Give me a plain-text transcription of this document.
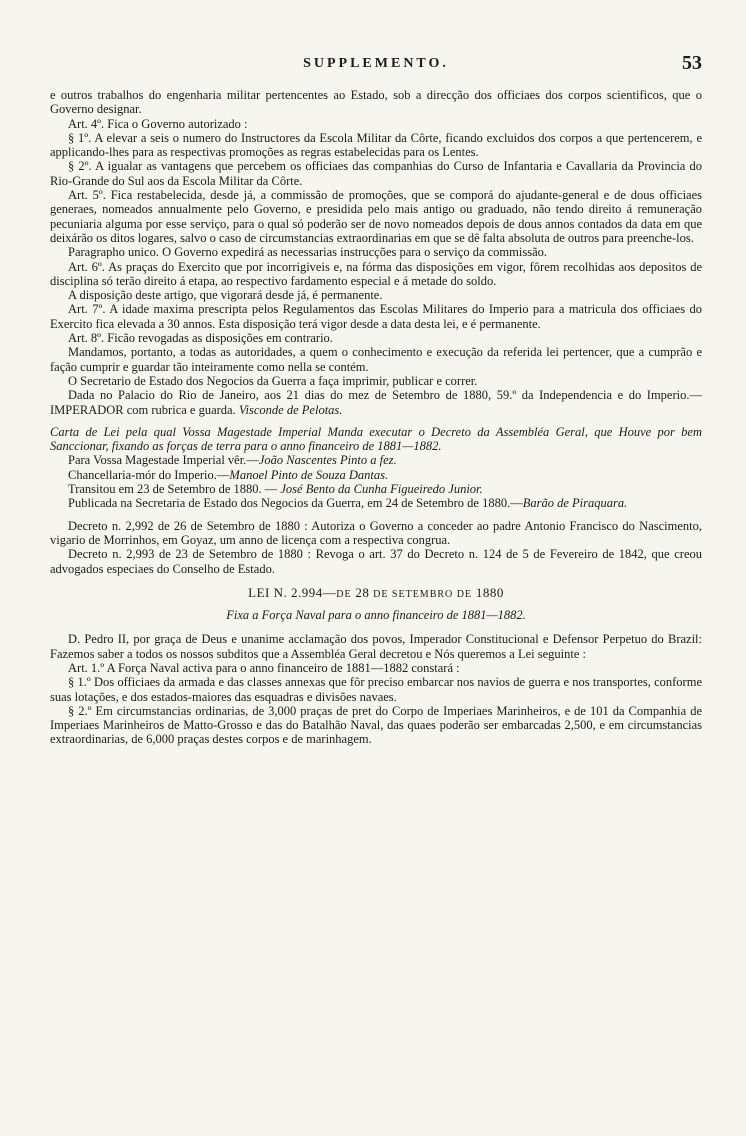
SUPPLEMENTO.	53

e outros trabalhos do engenharia militar pertencentes ao Estado, sob a direcção dos officiaes dos corpos scientificos, que o Governo designar.

Art. 4º. Fica o Governo autorizado :

§ 1º. A elevar a seis o numero do Instructores da Escola Militar da Côrte, ficando excluidos dos corpos a que pertencerem, e applicando-lhes para as respectivas promoções as regras estabelecidas para os Lentes.

§ 2º. A igualar as vantagens que percebem os officiaes das companhias do Curso de Infantaria e Cavallaria da Provincia do Rio-Grande do Sul aos da Escola Militar da Côrte.

Art. 5º. Fica restabelecida, desde já, a commissão de promoções, que se comporá do ajudante-general e de dous officiaes generaes, nomeados annualmente pelo Governo, e presidida pelo mais antigo ou graduado, não tendo direito á remuneração pecuniaria alguma por esse serviço, para o qual só poderão ser de novo nomeados depois de dous annos contados da data em que deixárão os ditos logares, salvo o caso de circumstancias extraordinarias em que se dê falta absoluta de outros para preenche-los.

Paragrapho unico. O Governo expedirá as necessarias instrucções para o serviço da commissão.

Art. 6º. As praças do Exercito que por incorrigiveis e, na fórma das disposições em vigor, fôrem recolhidas aos depositos de disciplina só terão direito á etapa, ao respectivo fardamento especial e á metade do soldo.

A disposição deste artigo, que vigorará desde já, é permanente.

Art. 7º. A idade maxima prescripta pelos Regulamentos das Escolas Militares do Imperio para a matricula dos officiaes do Exercito fica elevada a 30 annos. Esta disposição terá vigor desde a data desta lei, e é permanente.

Art. 8º. Ficão revogadas as disposições em contrario.

Mandamos, portanto, a todas as autoridades, a quem o conhecimento e execução da referida lei pertencer, que a cumprão e fação cumprir e guardar tão inteiramente como nella se contém.

O Secretario de Estado dos Negocios da Guerra a faça imprimir, publicar e correr.

Dada no Palacio do Rio de Janeiro, aos 21 dias do mez de Setembro de 1880, 59.º da Independencia e do Imperio.—IMPERADOR com rubrica e guarda. Visconde de Pelotas.

Carta de Lei pela qual Vossa Magestade Imperial Manda executar o Decreto da Assembléa Geral, que Houve por bem Sanccionar, fixando as forças de terra para o anno financeiro de 1881—1882.

Para Vossa Magestade Imperial vêr.—João Nascentes Pinto a fez.

Chancellaria-mór do Imperio.—Manoel Pinto de Souza Dantas.

Transitou em 23 de Setembro de 1880. — José Bento da Cunha Figueiredo Junior.

Publicada na Secretaria de Estado dos Negocios da Guerra, em 24 de Setembro de 1880.—Barão de Piraquara.

Decreto n. 2,992 de 26 de Setembro de 1880 : Autoriza o Governo a conceder ao padre Antonio Francisco do Nascimento, vigario de Morrinhos, em Goyaz, um anno de licença com a respectiva congrua.

Decreto n. 2,993 de 23 de Setembro de 1880 : Revoga o art. 37 do Decreto n. 124 de 5 de Fevereiro de 1842, que creou advogados especiaes do Conselho de Estado.

LEI N. 2.994—DE 28 DE SETEMBRO DE 1880
Fixa a Força Naval para o anno financeiro de 1881—1882.

D. Pedro II, por graça de Deus e unanime acclamação dos povos, Imperador Constitucional e Defensor Perpetuo do Brazil: Fazemos saber a todos os nossos subditos que a Assembléa Geral decretou e Nós queremos a Lei seguinte :

Art. 1.º A Força Naval activa para o anno financeiro de 1881—1882 constará :

§ 1.º Dos officiaes da armada e das classes annexas que fôr preciso embarcar nos navios de guerra e nos transportes, conforme suas lotações, e dos estados-maiores das esquadras e divisões navaes.

§ 2.º Em circumstancias ordinarias, de 3,000 praças de pret do Corpo de Imperiaes Marinheiros, e de 101 da Companhia de Imperiaes Marinheiros de Matto-Grosso e das do Batalhão Naval, das quaes poderão ser embarcadas 2,500, e em circumstancias extraordinarias, de 6,000 praças destes corpos e de marinhagem.
